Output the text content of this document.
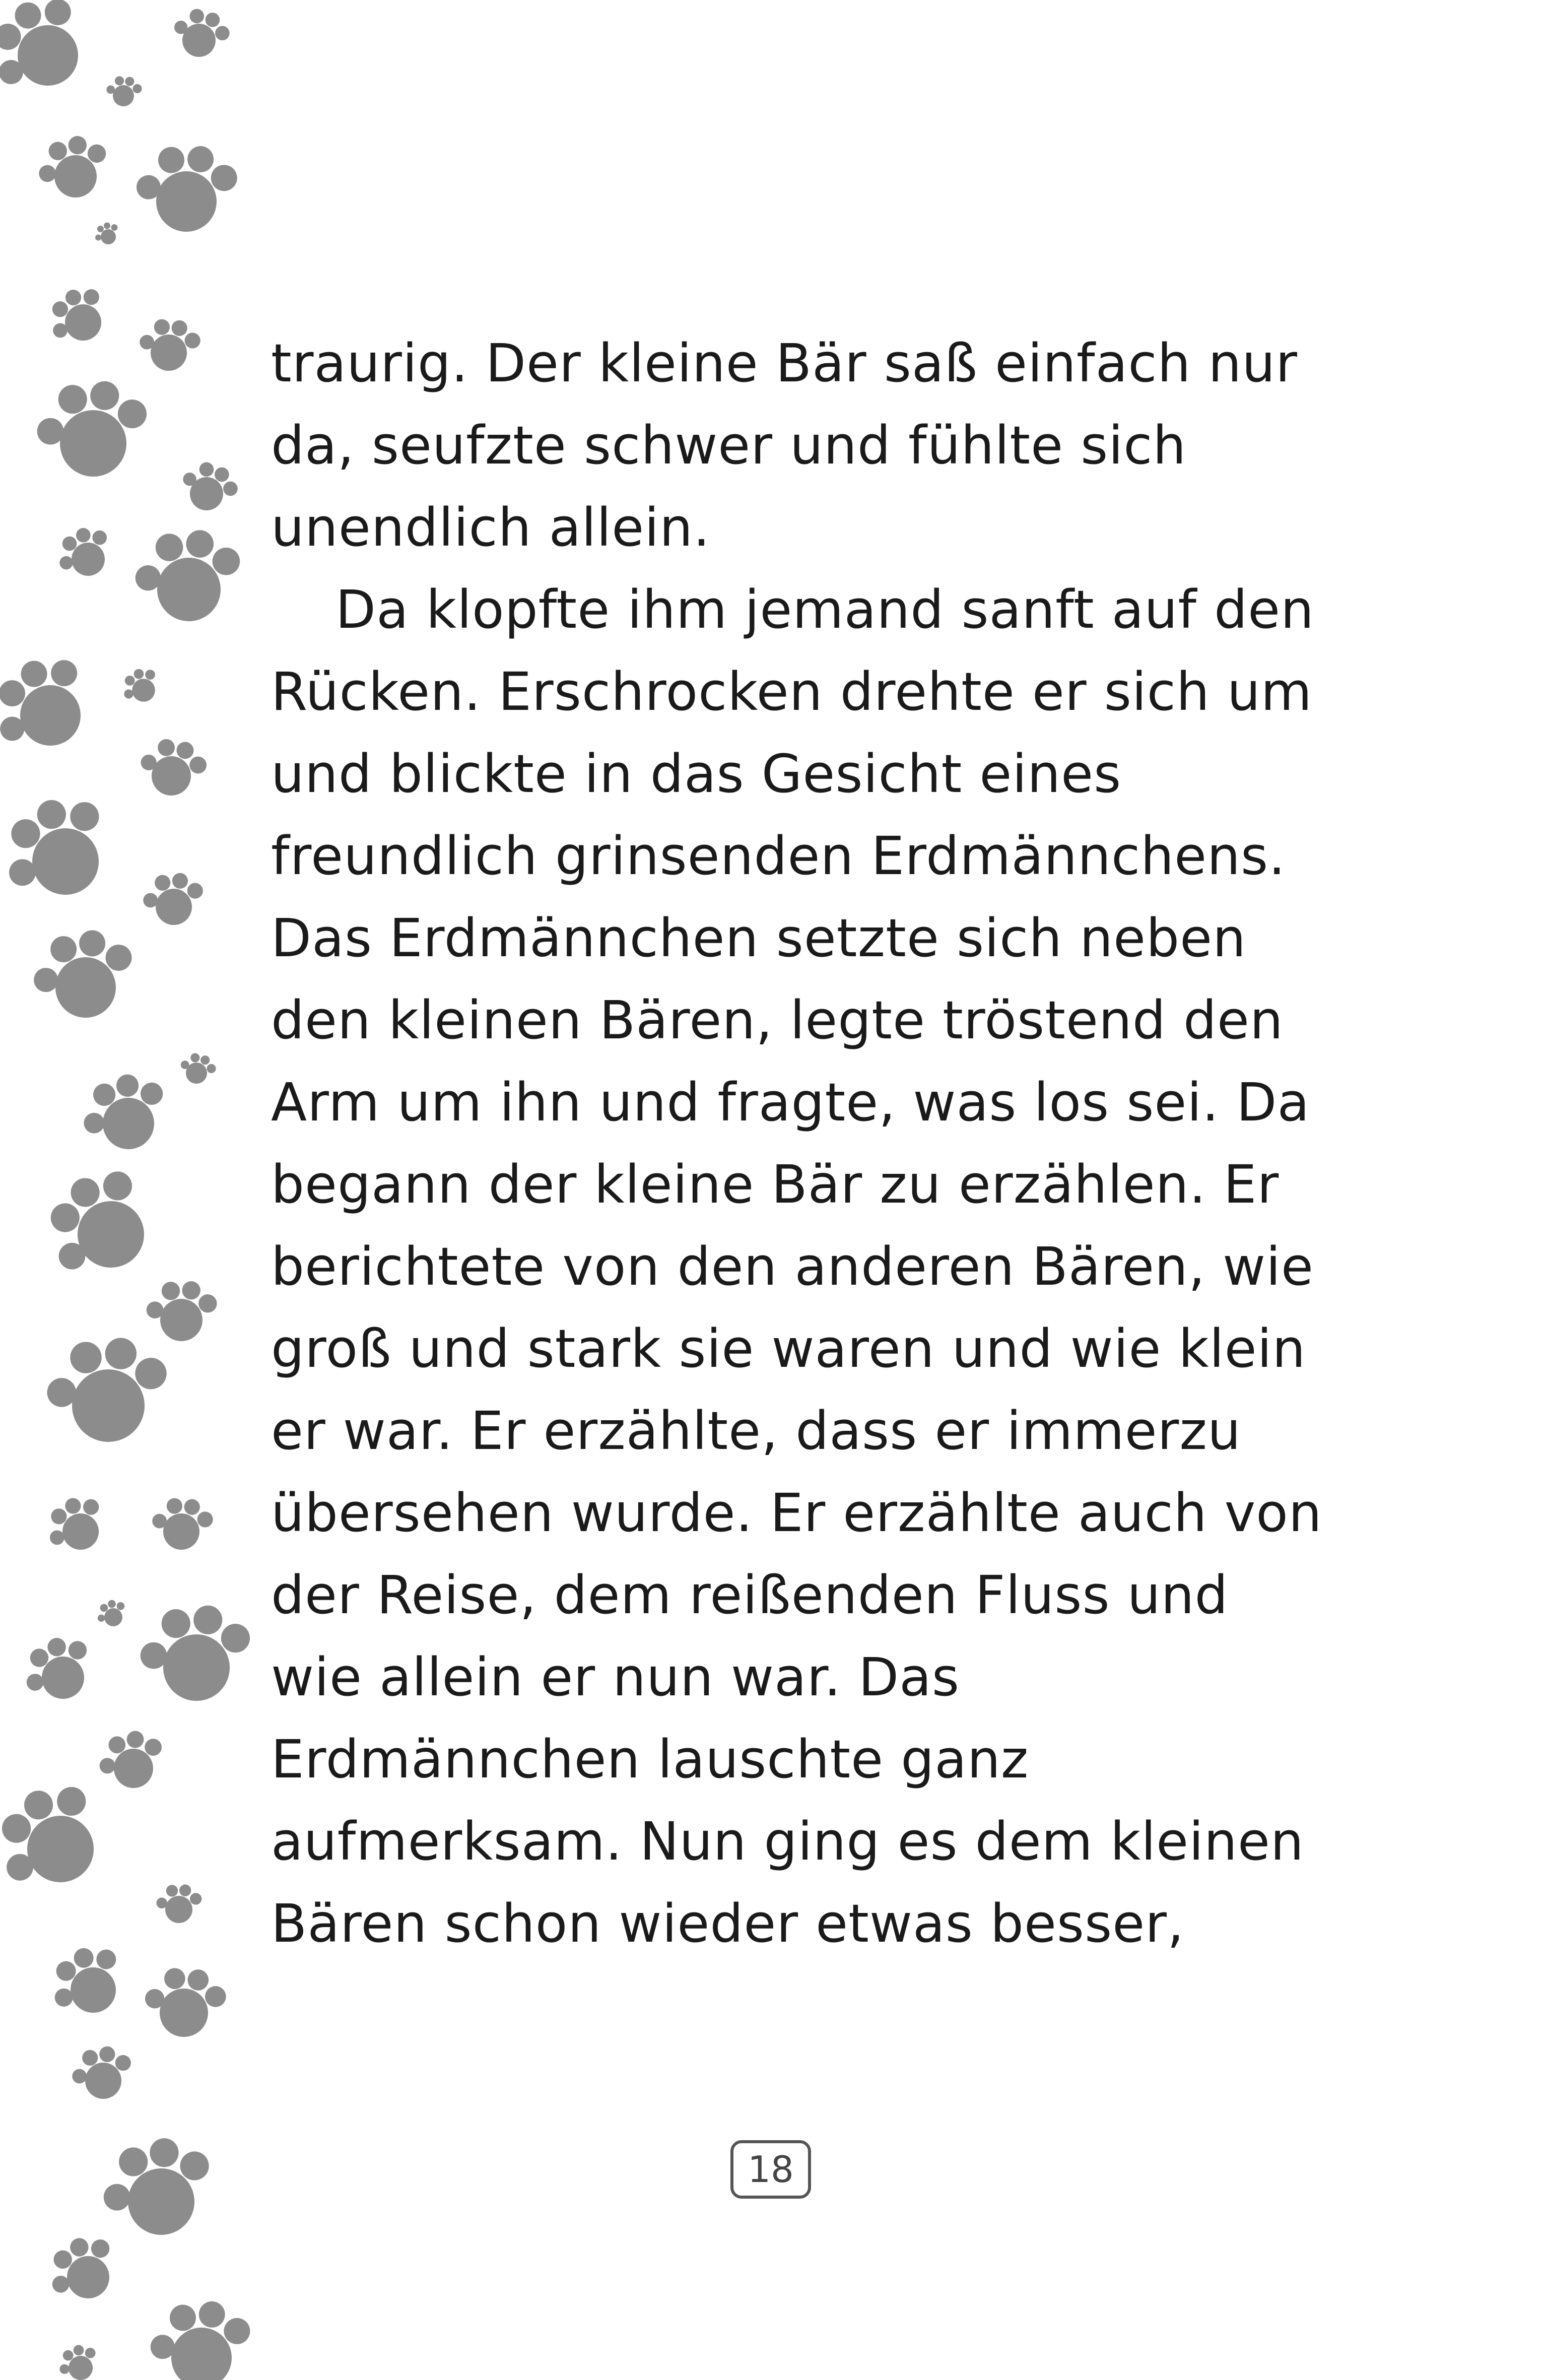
traurig. Der kleine Bär saß einfach nur
da, seufzte schwer und fühlte sich
unendlich allein.
Da klopfte ihm jemand sanft auf den
Rücken. Erschrocken drehte er sich um
und blickte in das Gesicht eines
freundlich grinsenden Erdmännchens.
Das Erdmännchen setzte sich neben
den kleinen Bären, legte tröstend den
Arm um ihn und fragte, was los sei. Da
begann der kleine Bär zu erzählen. Er
berichtete von den anderen Bären, wie
groß und stark sie waren und wie klein
er war. Er erzählte, dass er immerzu
übersehen wurde. Er erzählte auch von
der Reise, dem reißenden Fluss und
wie allein er nun war. Das
Erdmännchen lauschte ganz
aufmerksam. Nun ging es dem kleinen
Bären schon wieder etwas besser,
18
